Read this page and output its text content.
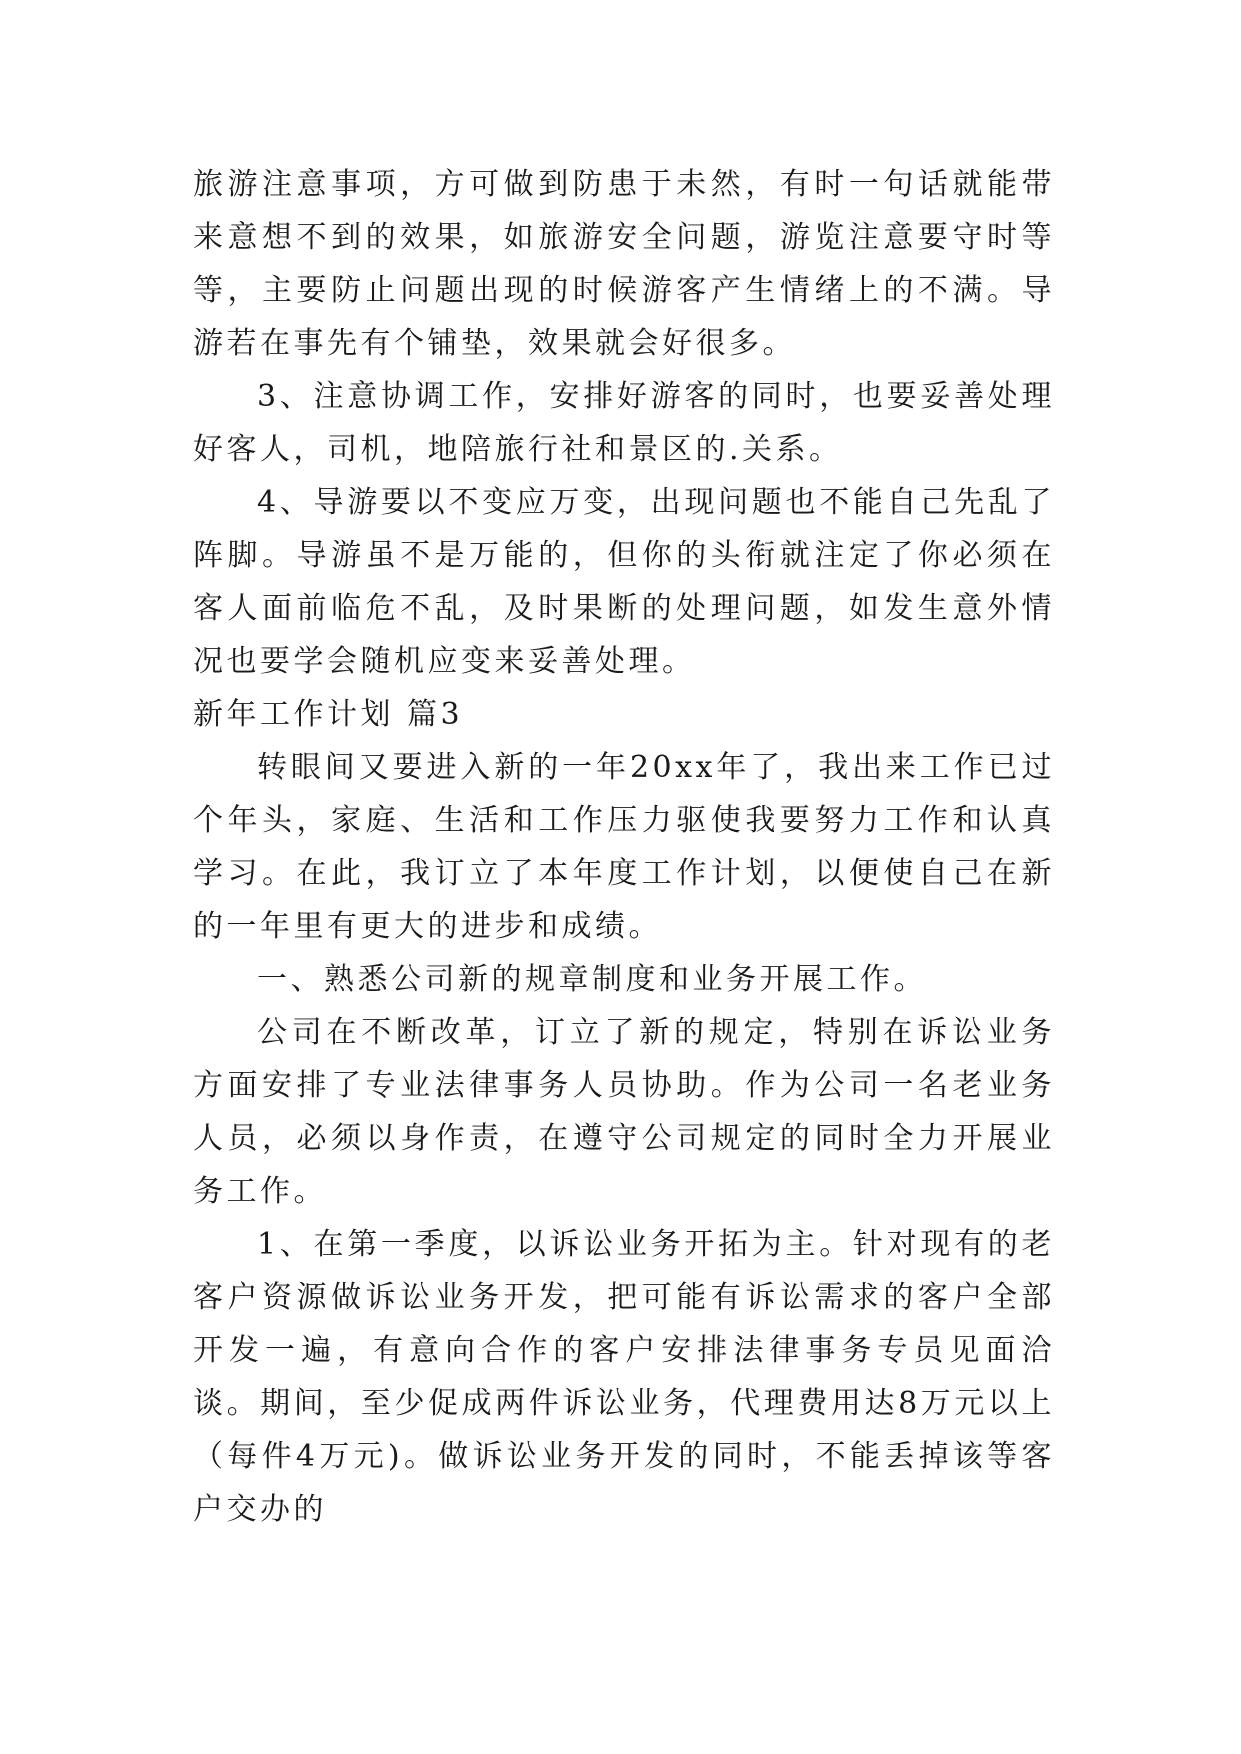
旅游注意事项，方可做到防患于未然，有时一句话就能带来意想不到的效果，如旅游安全问题，游览注意要守时等等，主要防止问题出现的时候游客产生情绪上的不满。导游若在事先有个铺垫，效果就会好很多。

3、注意协调工作，安排好游客的同时，也要妥善处理好客人，司机，地陪旅行社和景区的.关系。

4、导游要以不变应万变，出现问题也不能自己先乱了阵脚。导游虽不是万能的，但你的头衔就注定了你必须在客人面前临危不乱，及时果断的处理问题，如发生意外情况也要学会随机应变来妥善处理。

新年工作计划 篇3

转眼间又要进入新的一年20xx年了，我出来工作已过个年头，家庭、生活和工作压力驱使我要努力工作和认真学习。在此，我订立了本年度工作计划，以便使自己在新的一年里有更大的进步和成绩。

一、熟悉公司新的规章制度和业务开展工作。

公司在不断改革，订立了新的规定，特别在诉讼业务方面安排了专业法律事务人员协助。作为公司一名老业务人员，必须以身作责，在遵守公司规定的同时全力开展业务工作。

1、在第一季度，以诉讼业务开拓为主。针对现有的老客户资源做诉讼业务开发，把可能有诉讼需求的客户全部开发一遍，有意向合作的客户安排法律事务专员见面洽谈。期间，至少促成两件诉讼业务，代理费用达8万元以上（每件4万元)。做诉讼业务开发的同时，不能丢掉该等客户交办的
